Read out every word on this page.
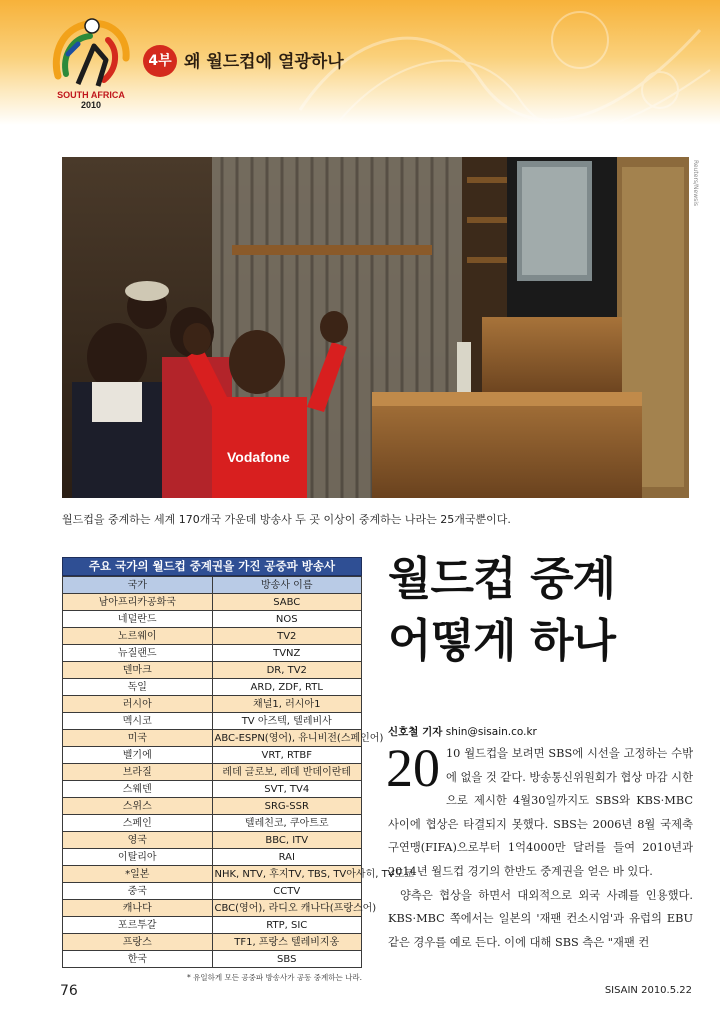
SOUTH AFRICA
2010
4부 왜 월드컵에 열광하나
Vodafone
Reuters/Newsis
월드컵을 중계하는 세계 170개국 가운데 방송사 두 곳 이상이 중계하는 나라는 25개국뿐이다.
주요 국가의 월드컵 중계권을 가진 공중파 방송사
국가	방송사 이름
남아프리카공화국	SABC
네덜란드	NOS
노르웨이	TV2
뉴질랜드	TVNZ
덴마크	DR, TV2
독일	ARD, ZDF, RTL
러시아	채널1, 러시아1
멕시코	TV 아즈텍, 텔레비사
미국	ABC-ESPN(영어), 유니비전(스페인어)
벨기에	VRT, RTBF
브라질	레데 글로보, 레데 반데이란테
스웨덴	SVT, TV4
스위스	SRG-SSR
스페인	텔레친코, 쿠아트로
영국	BBC, ITV
이탈리아	RAI
*일본	NHK, NTV, 후지TV, TBS, TV아사히, TV도쿄
중국	CCTV
캐나다	CBC(영어), 라디오 캐나다(프랑스어)
포르투갈	RTP, SIC
프랑스	TF1, 프랑스 텔레비지옹
한국	SBS
* 유일하게 모든 공중파 방송사가 공동 중계하는 나라.
월드컵 중계
어떻게 하나
신호철 기자 shin@sisain.co.kr

20 10 월드컵을 보려면 SBS에 시선을 고정하는 수밖에 없을 것 같다. 방송통신위원회가 협상 마감 시한으로 제시한 4월30일까지도 SBS와 KBS·MBC 사이에 협상은 타결되지 못했다. SBS는 2006년 8월 국제축구연맹(FIFA)으로부터 1억4000만 달러를 들여 2010년과 2014년 월드컵 경기의 한반도 중계권을 얻은 바 있다.

양측은 협상을 하면서 대외적으로 외국 사례를 인용했다. KBS·MBC 쪽에서는 일본의 '재팬 컨소시엄'과 유럽의 EBU 같은 경우를 예로 든다. 이에 대해 SBS 측은 "재팬 컨

76	SISAIN 2010.5.22
